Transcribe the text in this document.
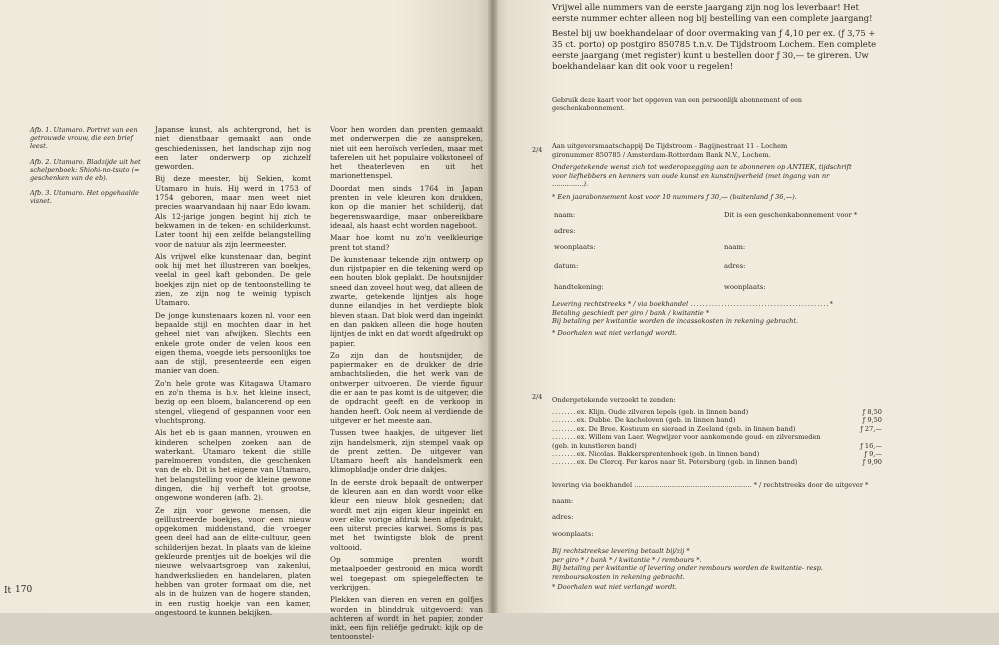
Afb. 1. Utamaro. Portret van een getrouwde vrouw, die een brief leest.

Afb. 2. Utamaro. Bladzijde uit het schelpenboek: Shiohi-no-tsuto (= geschenken van de eb).

Afb. 3. Utamaro. Het opgehaalde visnet.

Japanse kunst, als achtergrond, het is niet dienstbaar gemaakt aan onde geschiedenissen, het landschap zijn nog een later onderwerp op zichzelf geworden.

Bij deze meester, bij Sekien, komt Utamaro in huis. Hij werd in 1753 of 1754 geboren, maar men weet niet precies waarvandaan hij naar Edo kwam. Als 12-jarige jongen begint hij zich te bekwamen in de teken- en schilderkunst. Later toont hij een zelfde belangstelling voor de natuur als zijn leermeester.

Als vrijwel elke kunstenaar dan, begint ook hij met het illustreren van boekjes, veelal in geel kaft gebonden. De gele boekjes zijn niet op de tentoonstelling te zien, ze zijn nog te weinig typisch Utamaro.

De jonge kunstenaars kozen nl. voor een bepaalde stijl en mochten daar in het geheel niet van afwijken. Slechts een enkele grote onder de velen koos een eigen thema, voegde iets persoonlijks toe aan de stijl, presenteerde een eigen manier van doen.

Zo'n hele grote was Kitagawa Utamaro en zo'n thema is b.v. het kleine insect, bezig op een bloem, balancerend op een stengel, vliegend of gespannen voor een vluchtsprong.

Als het eb is gaan mannen, vrouwen en kinderen schelpen zoeken aan de waterkant. Utamaro tekent die stille parelmoeren vondsten, die geschenken van de eb. Dit is het eigene van Utamaro, het belangstelling voor de kleine gewone dingen, die hij verheft tot grootse, ongewone wonderen (afb. 2).

Ze zijn voor gewone mensen, die geïllustreerde boekjes, voor een nieuw opgekomen middenstand, die vroeger geen deel had aan de elite-cultuur, geen schilderijen bezat. In plaats van de kleine gekleurde prentjes uit de boekjes wil die nieuwe welvaartsgroep van zakenlui, handwerkslieden en handelaren, platen hebben van groter formaat om die, net als in de huizen van de hogere standen, in een rustig hoekje van een kamer, ongestoord te kunnen bekijken.

Voor hen worden dan prenten gemaakt met onderwerpen die ze aanspreken, niet uit een heroïsch verleden, maar met taferelen uit het populaire volkstoneel of het theaterleven en uit het marionettenspel.

Doordat men sinds 1764 in Japan prenten in vele kleuren kon drukken, kon op die manier het schilderij, dat begerenswaardige, maar onbereikbare ideaal, als haast echt worden nageboot.

Maar hoe komt nu zo'n veelkleurige prent tot stand?

De kunstenaar tekende zijn ontwerp op dun rijstpapier en die tekening werd op een houten blok geplakt. De houtsnijder sneed dan zoveel hout weg, dat alleen de zwarte, getekende lijntjes als hoge dunne eilandjes in het verdiepte blok bleven staan. Dat blok werd dan ingeinkt en dan pakken alleen die hoge houten lijntjes de inkt en dat wordt afgedrukt op papier.

Zo zijn dan de houtsnijder, de papiermaker en de drukker de drie ambachtslieden, die het werk van de ontwerper uitvoeren. De vierde figuur die er aan te pas komt is de uitgever, die de opdracht geeft en de verkoop in handen heeft. Ook neem al verdiende de uitgever er het meeste aan.

Tussen twee haakjes, de uitgever liet zijn handelsmerk, zijn stempel vaak op de prent zetten. De uitgever van Utamaro heeft als handelsmerk een klimopbladje onder drie dakjes.

In de eerste drok bepaalt de ontwerper de kleuren aan en dan wordt voor elke kleur een nieuw blok gesneden; dat wordt met zijn eigen kleur ingeinkt en over elke vorige afdruk heen afgedrukt, een uiterst precies karwei. Soms is pas met het twintigste blok de prent voltooid.

Op sommige prenten wordt metaalpoeder gestrooid en mica wordt wel toegepast om spiegeleffecten te verkrijgen.

Plekken van dieren en veren en golfjes worden in blinddruk uitgevoerd: van achteren af wordt in het papier, zonder inkt, een fijn reliëfje gedrukt: kijk op de tentoonstel-

It 170

Vrijwel alle nummers van de eerste jaargang zijn nog los leverbaar! Het eerste nummer echter alleen nog bij bestelling van een complete jaargang!

Bestel bij uw boekhandelaar of door overmaking van ƒ 4,10 per ex. (ƒ 3,75 + 35 ct. porto) op postgiro 850785 t.n.v. De Tijdstroom Lochem. Een complete eerste jaargang (met register) kunt u bestellen door ƒ 30,— te gireren. Uw boekhandelaar kan dit ook voor u regelen!

Gebruik deze kaart voor het opgeven van een persoonlijk abonnement of een geschenkabonnement.
2/4 Aan uitgeversmaatschappij De Tijdstroom - Bagijnestraat 11 - Lochem
gironummer 850785 / Amsterdam-Rotterdam Bank N.V., Lochem.
Ondergetekende wenst zich tot wederopzegging aan te abonneren op ANTIEK, tijdschrift voor liefhebbers en kenners van oude kunst en kunstnijverheid (met ingang van nr ...............).
* Een jaarabonnement kost voor 10 nummers ƒ 30,— (buitenland ƒ 36,—).
naam:
adres:
woonplaats:
datum:
handtekening:
Dit is een geschenkabonnement voor *
naam:
adres:
woonplaats:
Levering rechtstreeks * / via boekhandel .............................................*
Betaling geschiedt per giro / bank / kwitantie *
Bij betaling per kwitantie worden de incassokosten in rekening gebracht.
* Doorhalen wat niet verlangd wordt.
2/4 Ondergetekende verzoekt te zenden:
........ex. Klijn. Oude zilveren lepels (geb. in linnen band)	ƒ 8,50
........ex. Dubbe. De kacheloven (geb. in linnen band)	ƒ 9,50
........ex. De Bree. Kostuum en sieraad in Zeeland (geb. in linnen band)	ƒ 27,—
........ex. Willem van Laer. Wegwijzer voor aankomende goud- en zilversmeden (geb. in kunstleren band)	ƒ 16,—
........ex. Nicolas. Bakkersprentenboek (geb. in linnen band)	ƒ 9,—
........ex. De Clercq. Per karos naar St. Petersburg (geb. in linnen band)	ƒ 9,90
levering via boekhandel ........................................................ * / rechtstreeks door de uitgever *
naam:
adres:
woonplaats:
Bij rechtstreekse levering betaalt bij/zij *
per giro * / bank * / kwitantie * / rembours *.
Bij betaling per kwitantie of levering onder rembours worden de kwitantie- resp. remboursakosten in rekening gebracht.
* Doorhalen wat niet verlangd wordt.
